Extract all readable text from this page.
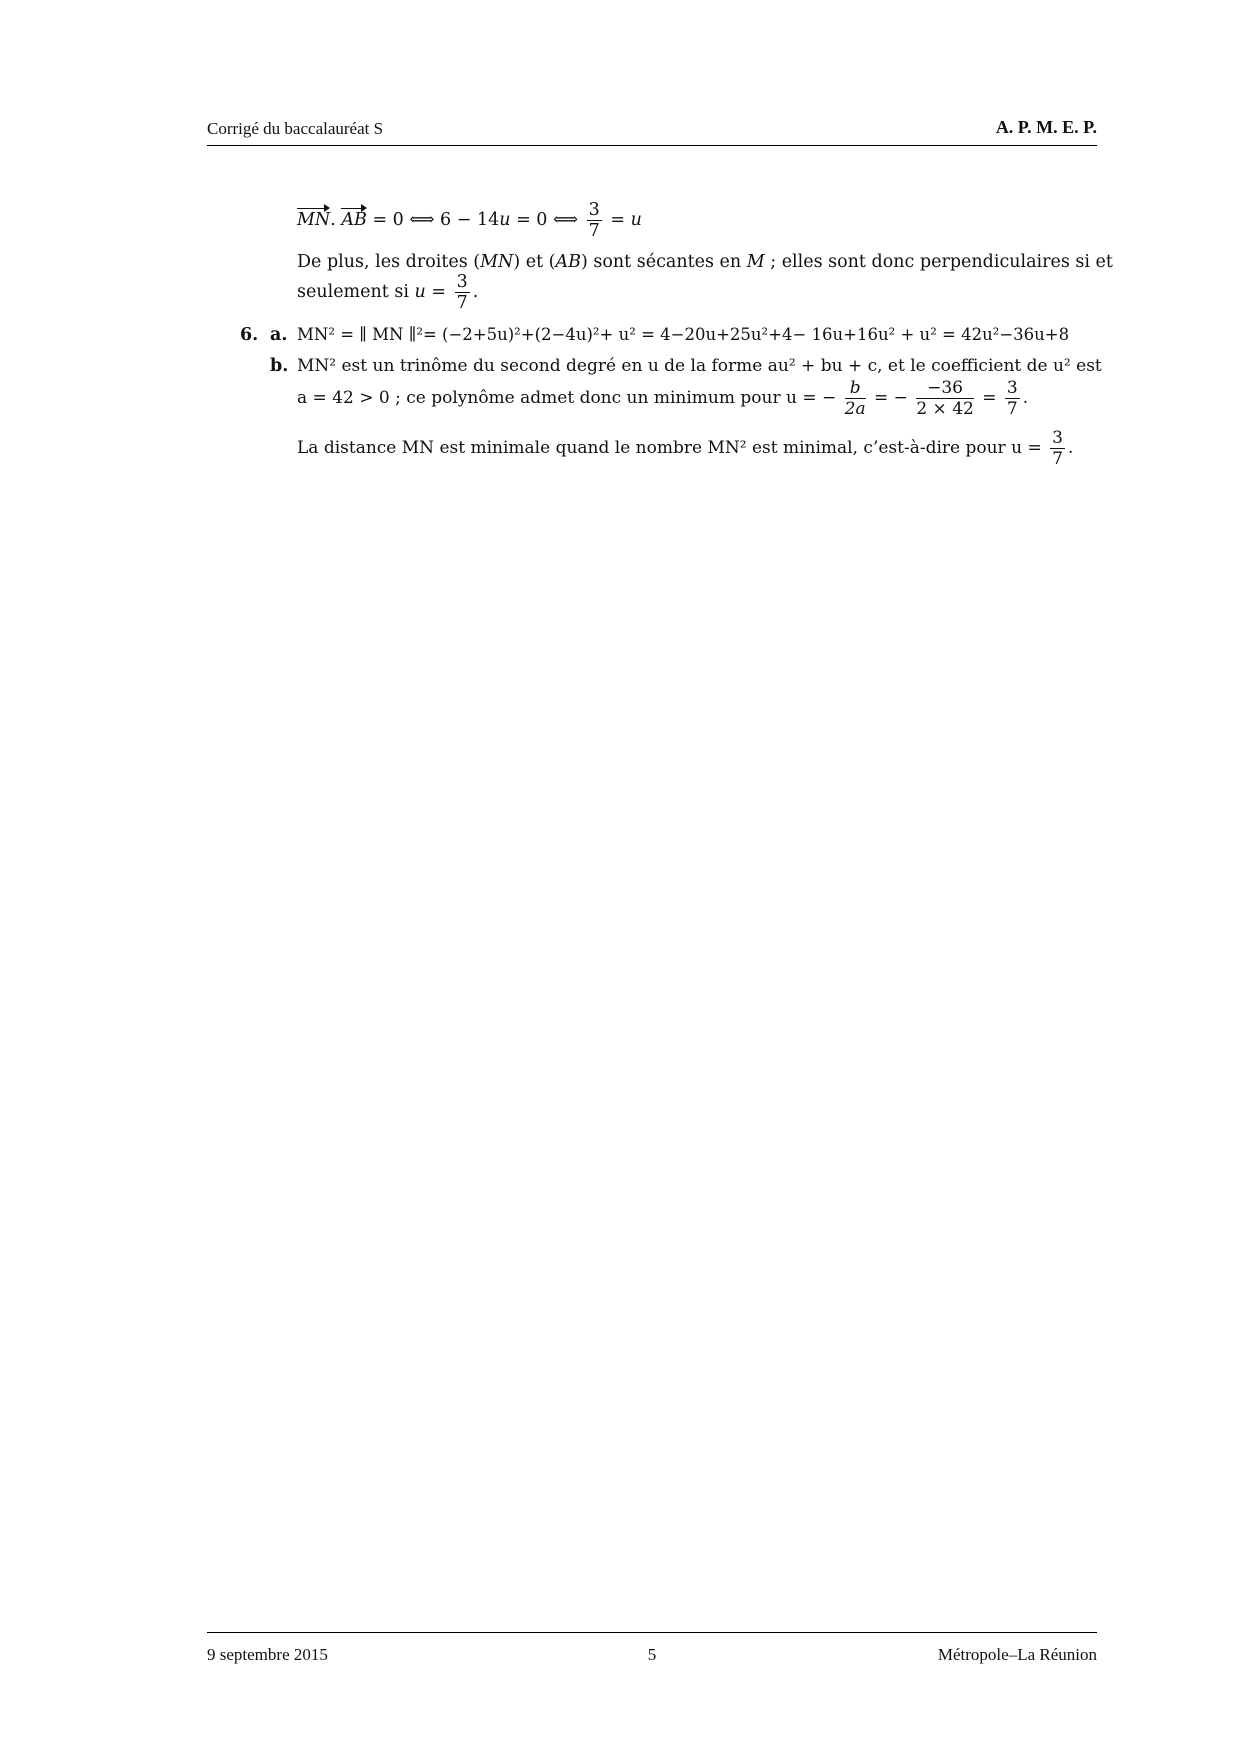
Corrigé du baccalauréat S	A. P. M. E. P.
MN. AB = 0 ⟺ 6 − 14u = 0 ⟺ $\frac{3}{7} = u$
De plus, les droites (MN) et (AB) sont sécantes en M ; elles sont donc perpendiculaires si et
seulement si $u = \frac{3}{7}$ .
6. a. MN² = ∥ MN ∥²= (−2+5u)²+(2−4u)²+ u² = 4−20u+25u²+4− 16u+16u² + u² = 42u²−36u+8
b. MN² est un trinôme du second degré en u de la forme au² + bu + c, et le coefficient de u² est
a = 42 > 0 ; ce polynôme admet donc un minimum pour u = − $\frac{b}{2a}$ = − $\frac{-36}{2 \times 42} = \frac{3}{7}$ .
La distance MN est minimale quand le nombre MN² est minimal, c’est-à-dire pour $u = \frac{3}{7}$ .
9 septembre 2015	5	Métropole–La Réunion
